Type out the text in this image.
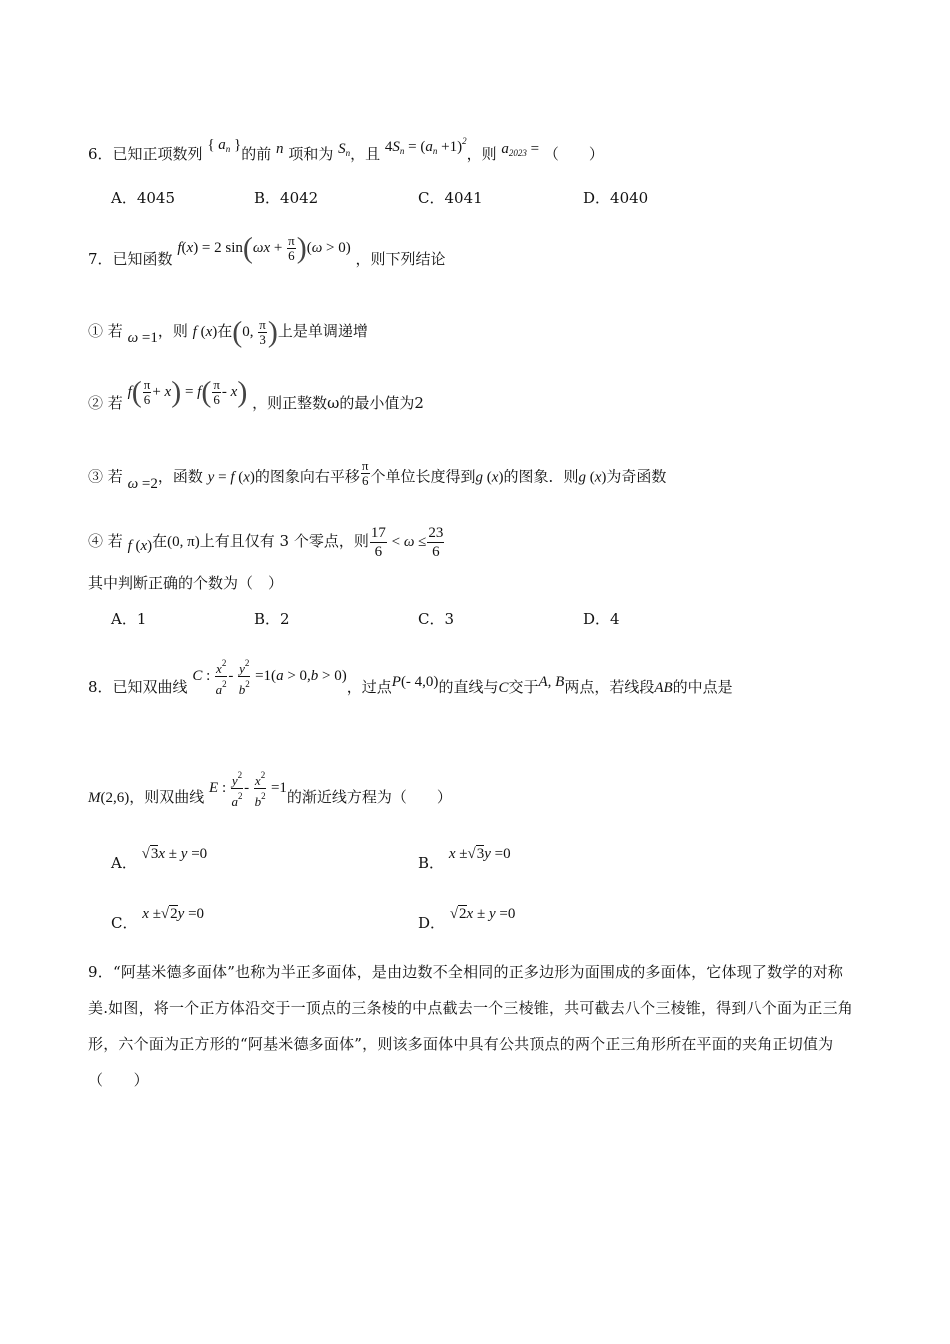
6．已知正项数列 { $a_n$ }的前 n 项和为 $S_n$，且 $4S_n = (a_n +1)^2$，则 $a_{2023}$ = （　　）
A．4045	B．4042	C．4041	D．4040
7．已知函数 f(x) = 2 $\sin(\omega x + \frac{\pi}{6} )(\omega > 0)$ ，则下列结论
① 若 ω =1，则 f (x)在(0, $\frac{\pi}{3}$ )上是单调递增
② 若 $f( \frac{\pi}{6} + x) = f( \frac{\pi}{6} - x)$ ，则正整数ω的最小值为2
③ 若 ω =2，函数 y = f (x)的图象向右平移 $\frac{\pi}{6}$ 个单位长度得到g (x)的图象．则g (x)为奇函数
④ 若 f (x)在(0, π)上有且仅有 3 个零点，则 $\frac{17}{6} < \omega \le \frac{23}{6}$
其中判断正确的个数为（　）
A．1	B．2	C．3	D．4
8．已知双曲线 C : $\frac{x^2}{a^2} - \frac{y^2}{b^2} =1(a > 0,b > 0)$，过点P(- 4,0)的直线与C交于A, B两点，若线段AB的中点是
M(2,6)，则双曲线 E : $\frac{y^2}{a^2} - \frac{x^2}{b^2} =1$的渐近线方程为（　　）
A． √3x ± y =0	B． x ±√3y =0
C． x ±√2y =0	D． √2x ± y =0
9．“阿基米德多面体”也称为半正多面体，是由边数不全相同的正多边形为面围成的多面体，它体现了数学的对称美.如图，将一个正方体沿交于一顶点的三条棱的中点截去一个三棱锥，共可截去八个三棱锥，得到八个面为正三角形，六个面为正方形的“阿基米德多面体”，则该多面体中具有公共顶点的两个正三角形所在平面的夹角正切值为（　　）
